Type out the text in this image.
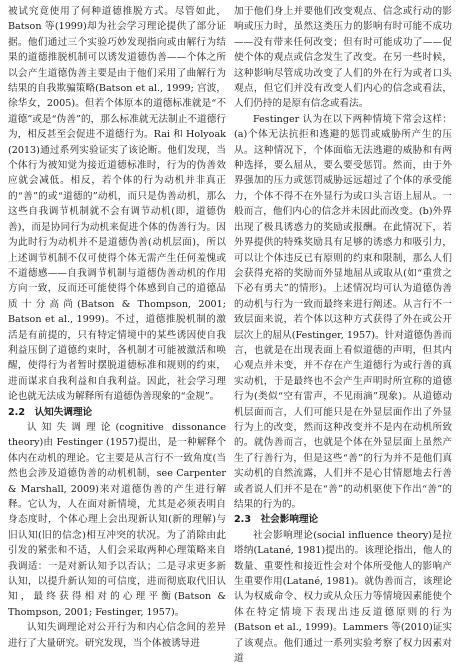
被试究竟使用了何种道德推脱方式。尽管如此，Batson 等(1999)却为社会学习理论提供了部分证据。他们通过三个实验巧妙发现指向或由解行为结果的道德推脱机制可以诱发道德伪善——个体之所以会产生道德伪善主要是由于他们采用了曲解行为结果的自我欺骗策略(Batson et al., 1999; 宫波，徐华女，2005)。但若个体原本的道德标准就是“不道德”或是“伪善”的，那么标准就无法制止不道德行为，相反甚至会促进不道德行为。Rai 和 Holyoak (2013)通过系列实验证实了该论断。他们发现，当个体行为被知觉为接近道德标准时，行为的伪善效应就会减低。相反，若个体的行为动机并非真正的“善”的或“道德的”动机，而只是伪善动机，那么这些自我调节机制就不会有调节动机(即，道德伪善)，而是协同行为动机来促进个体的伪善行为。因为此时行为动机并不是道德伪善(动机层面)，所以上述调节机制不仅可使得个体无需产生任何羞愧或不道德感——自我调节机制与道德伪善动机的作用方向一致，反而还可能使得个体感到自己的道德品质十分高尚(Batson & Thompson, 2001; Batson et al., 1999)。不过，道德推脱机制的激活是有前提的，只有特定情境中的某些诱因使自我利益压倒了道德约束时，各机制才可能被激活和唤醒，使得行为者暂时摆脱道德标准和规则的约束，进而谋求自我利益和自我利益。因此，社会学习理论也就无法成为解释所有道德伪善现象的“金规”。

2.2　认知失调理论

认知失调理论(cognitive dissonance theory)由 Festinger (1957)提出，是一种解释个体内在动机的理论。它主要是从言行不一致角度(当然也会涉及道德伪善的动机机制，see Carpenter & Marshall, 2009)来对道德伪善的产生进行解释。它认为，人在面对新情境，尤其是必须表明自身态度时，个体心理上会出现新认知(新的理解)与旧认知(旧的信念)相互冲突的状况。为了消除由此引发的紧张和不适，人们会采取两种心理策略来自我调适：一是对新认知予以否认；二是寻求更多新认知，以提升新认知的可信度，进而彻底取代旧认知，最终获得相对的心理平衡(Batson & Thompson, 2001; Festinger, 1957)。

认知失调理论对公开行为和内心信念间的差异进行了大量研究。研究发现，当个体被诱导进

加于他们身上并要他们改变观点、信念或行动的影响或压力时，虽然这类压力的影响有时可能不成功——没有带来任何改变；但有时可能成功了——促使个体的观点或信念发生了改变。在另一些时候，这种影响尽管成功改变了人们的外在行为或者口头观点，但它们并没有改变人们内心的信念或看法，人们仍持的是原有信念或看法。

Festinger 认为在以下两种情境下常会这样：(a)个体无法抗拒和逃避的惩罚或威胁所产生的压从。这种情况下，个体面临无法逃避的威胁和有两种选择，要么屈从，要么要受惩罚。然而，由于外界强加的压力或惩罚威胁远远超过了个体的承受能力，个体不得不在外显行为或口头言语上屈从。一般而言，他们内心的信念并未因此而改变。(b)外界出现了极具诱惑力的奖励或报酬。在此情况下，若外界提供的特殊奖励具有足够的诱惑力和吸引力，可以让个体违反已有原则的约束和限制，那么人们会获得充裕的奖励而外显地屈从或取从(如“重赏之下必有勇夫”的情形)。上述情况均可认为道德伪善的动机与行为一致而最终来进行阐述。从言行不一致层面来说，若个体以这种方式获得了外在或公开层次上的屈从(Festinger, 1957)。针对道德伪善而言，也就是在出现表面上看似道德的声明，但其内心观点并未变，并不存在产生道德行为或行善的真实动机，于是最终也不会产生声明时所宣称的道德行为(类似“空有雷声，不见雨滴”现象)。从道德动机层面而言，人们可能只是在外显层面作出了外显行为上的改变，然而这种改变并不是内在动机所致的。就伪善而言，也就是个体在外显层面上虽然产生了行善行为，但是这些“善”的行为并不是他们真实动机的自然流露，人们并不是心甘情愿地去行善或者说人们并不是在“善”的动机驱使下作出“善”的结果的行为的。

2.3　社会影响理论

社会影响理论(social influence theory)是拉塔纳(Latané, 1981)提出的。该理论指出，他人的数量、重要性和接近性会对个体所受他人的影响产生重要作用(Latané, 1981)。就伪善而言，该理论认为权威命令、权力或从众压力等情境因素能使个体在特定情境下表现出违反道德原则的行为(Batson et al., 1999)。Lammers 等(2010)证实了该观点。他们通过一系列实验考察了权力因素对道
